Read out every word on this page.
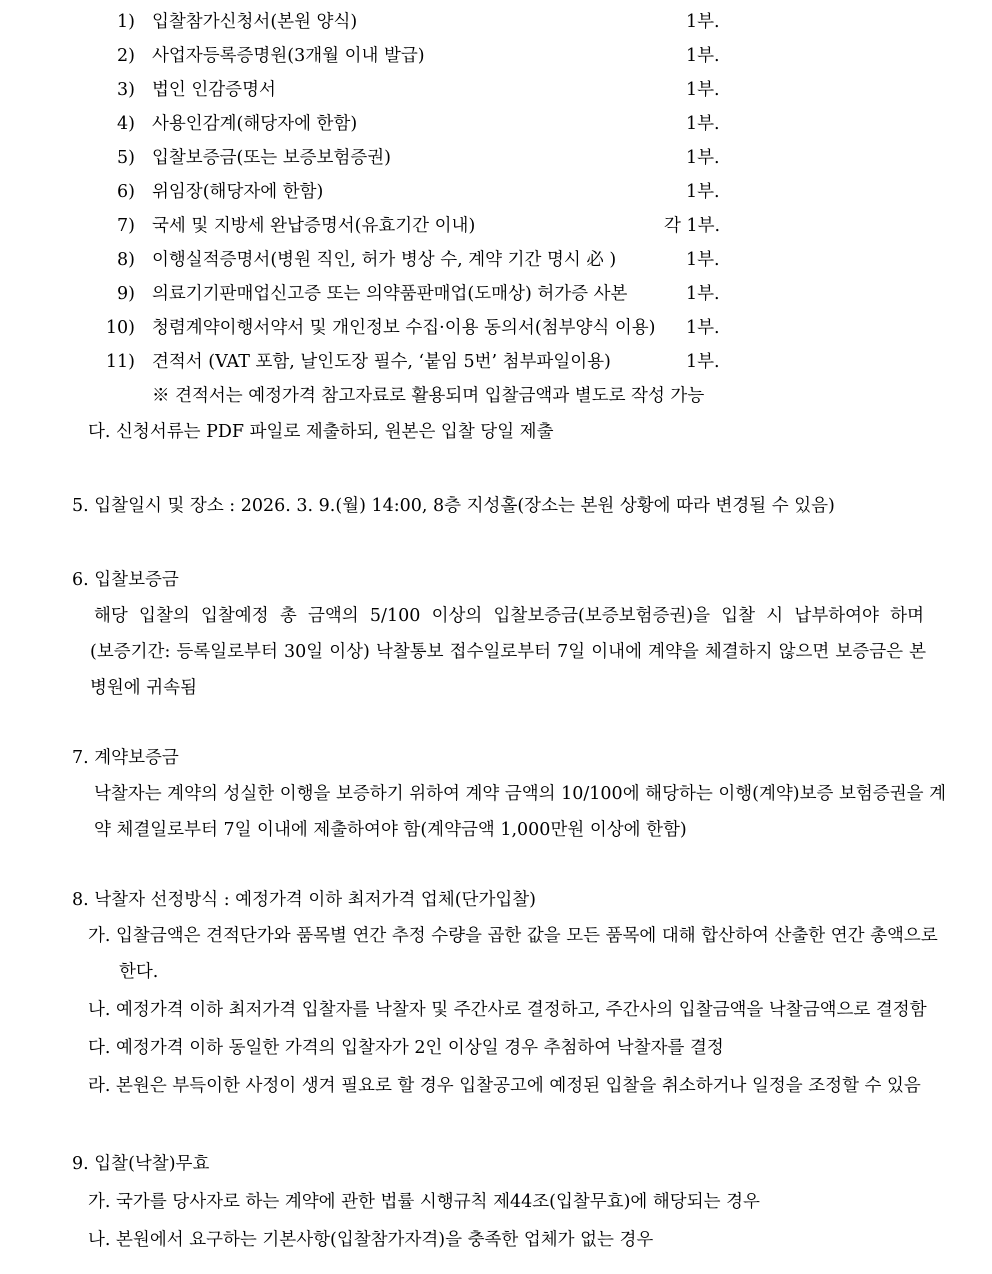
1) 입찰참가신청서(본원 양식)	1부.
2) 사업자등록증명원(3개월 이내 발급)	1부.
3) 법인 인감증명서	1부.
4) 사용인감계(해당자에 한함)	1부.
5) 입찰보증금(또는 보증보험증권)	1부.
6) 위임장(해당자에 한함)	1부.
7) 국세 및 지방세 완납증명서(유효기간 이내)	각 1부.
8) 이행실적증명서(병원 직인, 허가 병상 수, 계약 기간 명시 必 )	1부.
9) 의료기기판매업신고증 또는 의약품판매업(도매상) 허가증 사본	1부.
10) 청렴계약이행서약서 및 개인정보 수집·이용 동의서(첨부양식 이용) 1부.
11) 견적서 (VAT 포함, 날인도장 필수, ‘붙임 5번’ 첨부파일이용)	1부.
※ 견적서는 예정가격 참고자료로 활용되며 입찰금액과 별도로 작성 가능
다. 신청서류는 PDF 파일로 제출하되, 원본은 입찰 당일 제출
5. 입찰일시 및 장소 : 2026. 3. 9.(월) 14:00, 8층 지성홀(장소는 본원 상황에 따라 변경될 수 있음)
6. 입찰보증금
해당 입찰의 입찰예정 총 금액의 5/100 이상의 입찰보증금(보증보험증권)을 입찰 시 납부하여야 하며
(보증기간: 등록일로부터 30일 이상) 낙찰통보 접수일로부터 7일 이내에 계약을 체결하지 않으면 보증금은 본
병원에 귀속됨
7. 계약보증금
낙찰자는 계약의 성실한 이행을 보증하기 위하여 계약 금액의 10/100에 해당하는 이행(계약)보증 보험증권을 계
약 체결일로부터 7일 이내에 제출하여야 함(계약금액 1,000만원 이상에 한함)
8. 낙찰자 선정방식 : 예정가격 이하 최저가격 업체(단가입찰)
가. 입찰금액은 견적단가와 품목별 연간 추정 수량을 곱한 값을 모든 품목에 대해 합산하여 산출한 연간 총액으로
한다.
나. 예정가격 이하 최저가격 입찰자를 낙찰자 및 주간사로 결정하고, 주간사의 입찰금액을 낙찰금액으로 결정함
다. 예정가격 이하 동일한 가격의 입찰자가 2인 이상일 경우 추첨하여 낙찰자를 결정
라. 본원은 부득이한 사정이 생겨 필요로 할 경우 입찰공고에 예정된 입찰을 취소하거나 일정을 조정할 수 있음
9. 입찰(낙찰)무효
가. 국가를 당사자로 하는 계약에 관한 법률 시행규칙 제44조(입찰무효)에 해당되는 경우
나. 본원에서 요구하는 기본사항(입찰참가자격)을 충족한 업체가 없는 경우
